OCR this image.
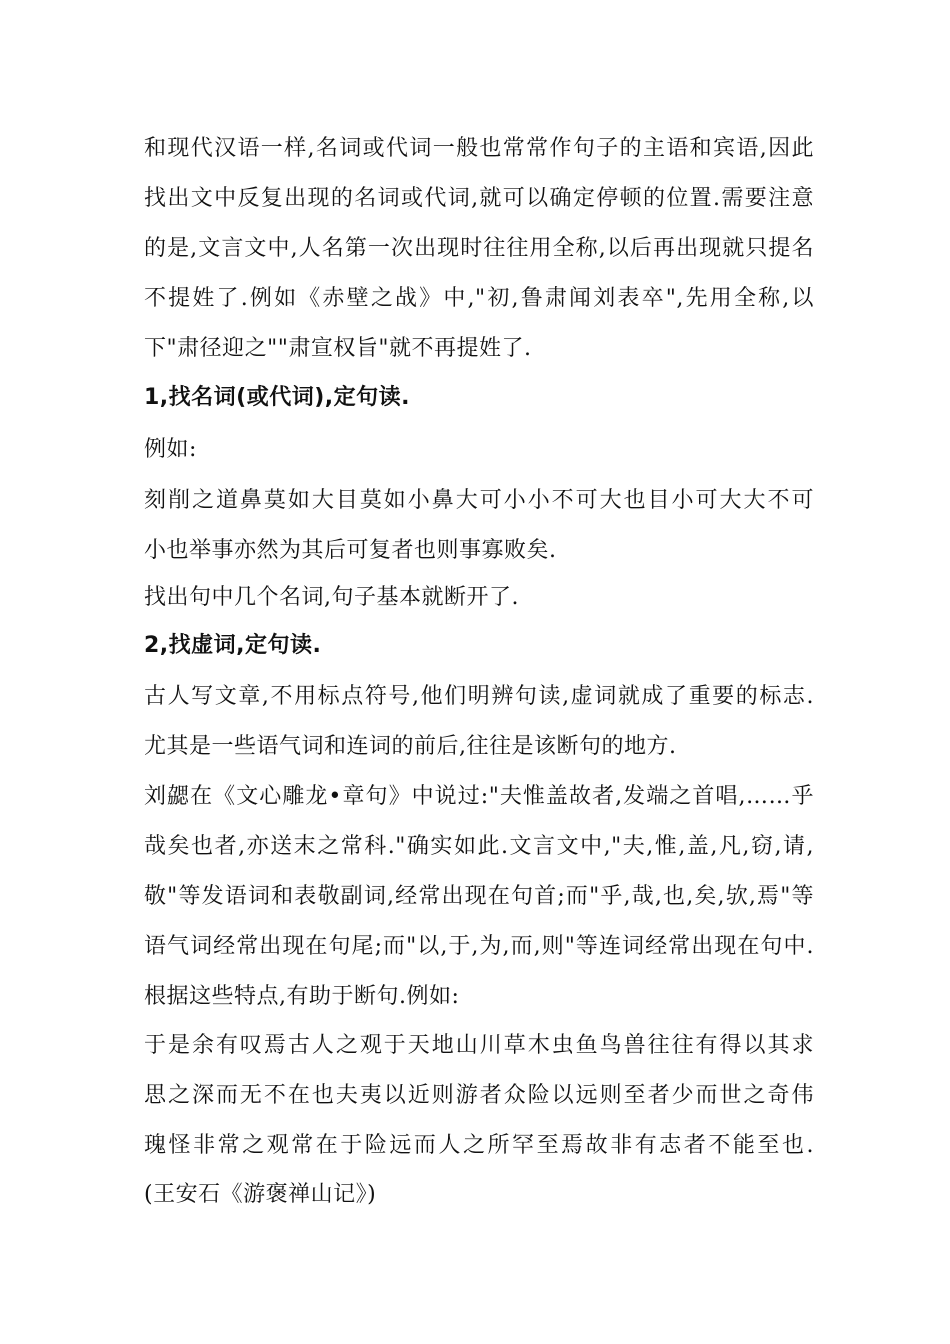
和现代汉语一样,名词或代词一般也常常作句子的主语和宾语,因此
找出文中反复出现的名词或代词,就可以确定停顿的位置.需要注意
的是,文言文中,人名第一次出现时往往用全称,以后再出现就只提名
不提姓了.例如《赤壁之战》中,"初,鲁肃闻刘表卒",先用全称,以
下"肃径迎之""肃宣权旨"就不再提姓了.
1,找名词(或代词),定句读.
例如:
刻削之道鼻莫如大目莫如小鼻大可小小不可大也目小可大大不可
小也举事亦然为其后可复者也则事寡败矣.
找出句中几个名词,句子基本就断开了.
2,找虚词,定句读.
古人写文章,不用标点符号,他们明辨句读,虚词就成了重要的标志.
尤其是一些语气词和连词的前后,往往是该断句的地方.
刘勰在《文心雕龙•章句》中说过:"夫惟盖故者,发端之首唱,……乎
哉矣也者,亦送末之常科."确实如此.文言文中,"夫,惟,盖,凡,窃,请,
敬"等发语词和表敬副词,经常出现在句首;而"乎,哉,也,矣,欤,焉"等
语气词经常出现在句尾;而"以,于,为,而,则"等连词经常出现在句中.
根据这些特点,有助于断句.例如:
于是余有叹焉古人之观于天地山川草木虫鱼鸟兽往往有得以其求
思之深而无不在也夫夷以近则游者众险以远则至者少而世之奇伟
瑰怪非常之观常在于险远而人之所罕至焉故非有志者不能至也.
(王安石《游褒禅山记》)
